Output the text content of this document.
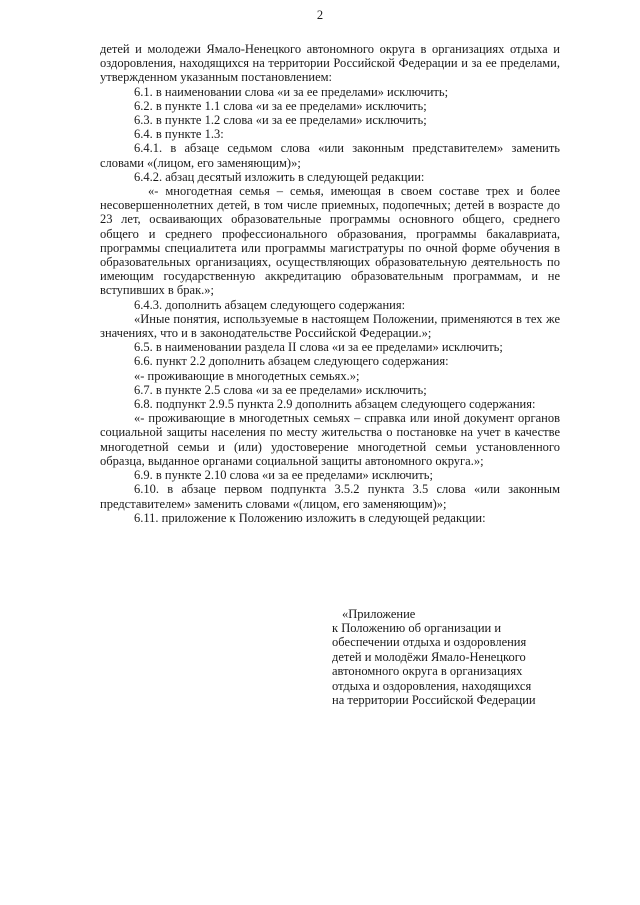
2

детей и молодежи Ямало-Ненецкого автономного округа в организациях отдыха и оздоровления, находящихся на территории Российской Федерации и за ее пределами, утвержденном указанным постановлением:

6.1. в наименовании слова «и за ее пределами» исключить;

6.2. в пункте 1.1 слова «и за ее пределами» исключить;

6.3. в пункте 1.2 слова «и за ее пределами» исключить;

6.4. в пункте 1.3:

6.4.1. в абзаце седьмом слова «или законным представителем» заменить словами «(лицом, его заменяющим)»;

6.4.2. абзац десятый изложить в следующей редакции:

«- многодетная семья – семья, имеющая в своем составе трех и более несовершеннолетних детей, в том числе приемных, подопечных; детей в возрасте до 23 лет, осваивающих образовательные программы основного общего, среднего общего и среднего профессионального образования, программы бакалавриата, программы специалитета или программы магистратуры по очной форме обучения в образовательных организациях, осуществляющих образовательную деятельность по имеющим государственную аккредитацию образовательным программам, и не вступивших в брак.»;

6.4.3. дополнить абзацем следующего содержания:

«Иные понятия, используемые в настоящем Положении, применяются в тех же значениях, что и в законодательстве Российской Федерации.»;

6.5. в наименовании раздела II слова «и за ее пределами» исключить;

6.6. пункт 2.2 дополнить абзацем следующего содержания:

«- проживающие в многодетных семьях.»;

6.7. в пункте 2.5 слова «и за ее пределами» исключить;

6.8. подпункт 2.9.5 пункта 2.9 дополнить абзацем следующего содержания:

«- проживающие в многодетных семьях – справка или иной документ органов социальной защиты населения по месту жительства о постановке на учет в качестве многодетной семьи и (или) удостоверение многодетной семьи установленного образца, выданное органами социальной защиты автономного округа.»;

6.9. в пункте 2.10 слова «и за ее пределами» исключить;

6.10. в абзаце первом подпункта 3.5.2 пункта 3.5 слова «или законным представителем» заменить словами «(лицом, его заменяющим)»;

6.11. приложение к Положению изложить в следующей редакции:

«Приложение
к Положению об организации и
обеспечении отдыха и оздоровления
детей и молодёжи Ямало-Ненецкого
автономного округа в организациях
отдыха и оздоровления, находящихся
на территории Российской Федерации
